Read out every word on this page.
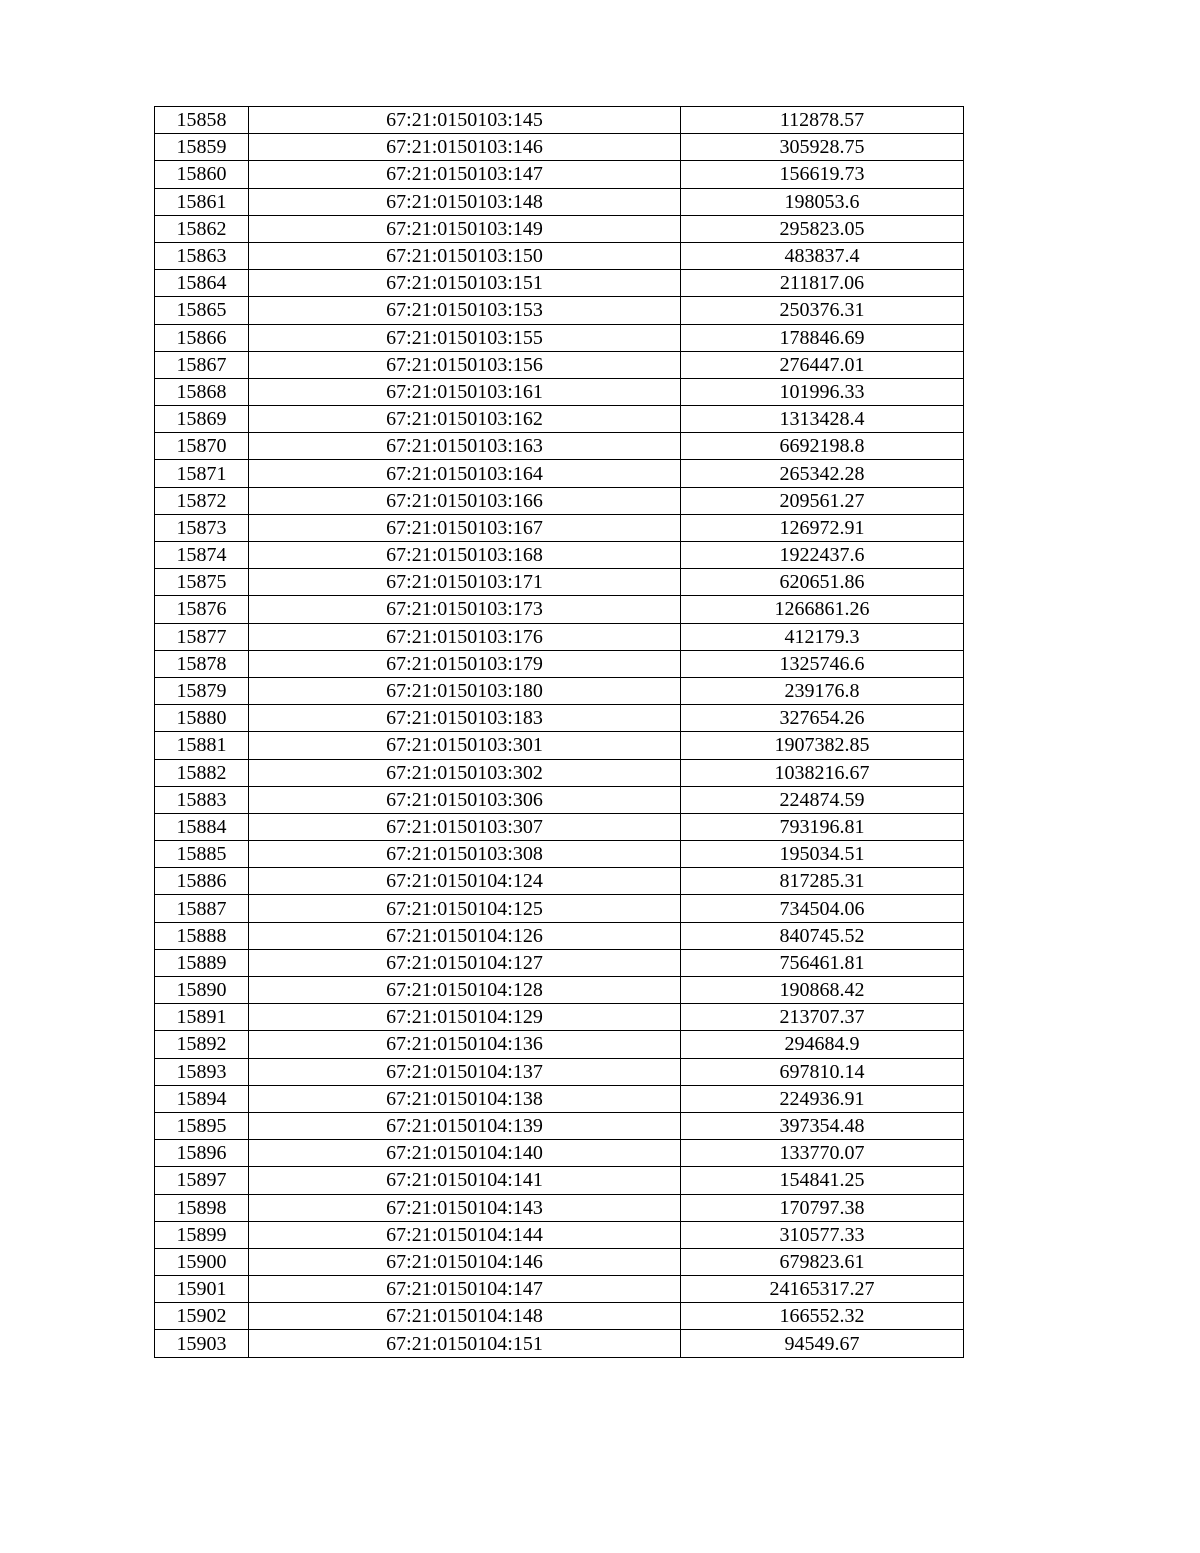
15858	67:21:0150103:145	112878.57
15859	67:21:0150103:146	305928.75
15860	67:21:0150103:147	156619.73
15861	67:21:0150103:148	198053.6
15862	67:21:0150103:149	295823.05
15863	67:21:0150103:150	483837.4
15864	67:21:0150103:151	211817.06
15865	67:21:0150103:153	250376.31
15866	67:21:0150103:155	178846.69
15867	67:21:0150103:156	276447.01
15868	67:21:0150103:161	101996.33
15869	67:21:0150103:162	1313428.4
15870	67:21:0150103:163	6692198.8
15871	67:21:0150103:164	265342.28
15872	67:21:0150103:166	209561.27
15873	67:21:0150103:167	126972.91
15874	67:21:0150103:168	1922437.6
15875	67:21:0150103:171	620651.86
15876	67:21:0150103:173	1266861.26
15877	67:21:0150103:176	412179.3
15878	67:21:0150103:179	1325746.6
15879	67:21:0150103:180	239176.8
15880	67:21:0150103:183	327654.26
15881	67:21:0150103:301	1907382.85
15882	67:21:0150103:302	1038216.67
15883	67:21:0150103:306	224874.59
15884	67:21:0150103:307	793196.81
15885	67:21:0150103:308	195034.51
15886	67:21:0150104:124	817285.31
15887	67:21:0150104:125	734504.06
15888	67:21:0150104:126	840745.52
15889	67:21:0150104:127	756461.81
15890	67:21:0150104:128	190868.42
15891	67:21:0150104:129	213707.37
15892	67:21:0150104:136	294684.9
15893	67:21:0150104:137	697810.14
15894	67:21:0150104:138	224936.91
15895	67:21:0150104:139	397354.48
15896	67:21:0150104:140	133770.07
15897	67:21:0150104:141	154841.25
15898	67:21:0150104:143	170797.38
15899	67:21:0150104:144	310577.33
15900	67:21:0150104:146	679823.61
15901	67:21:0150104:147	24165317.27
15902	67:21:0150104:148	166552.32
15903	67:21:0150104:151	94549.67
